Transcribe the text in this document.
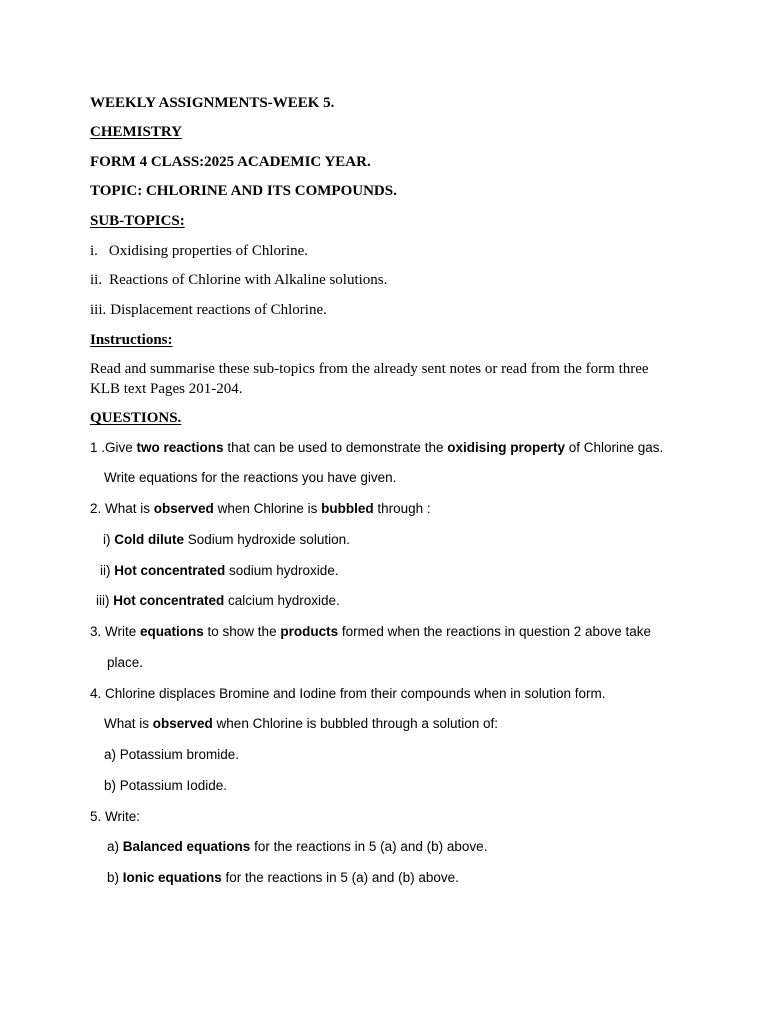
WEEKLY ASSIGNMENTS-WEEK 5.
CHEMISTRY
FORM 4 CLASS:2025 ACADEMIC YEAR.
TOPIC: CHLORINE AND ITS COMPOUNDS.
SUB-TOPICS:
i. Oxidising properties of Chlorine.
ii. Reactions of Chlorine with Alkaline solutions.
iii. Displacement reactions of Chlorine.
Instructions:
Read and summarise these sub-topics from the already sent notes or read from the form three KLB text Pages 201-204.
QUESTIONS.
1 .Give two reactions that can be used to demonstrate the oxidising property of Chlorine gas.
Write equations for the reactions you have given.
2. What is observed when Chlorine is bubbled through :
i) Cold dilute Sodium hydroxide solution.
ii) Hot concentrated sodium hydroxide.
iii) Hot concentrated calcium hydroxide.
3. Write equations to show the products formed when the reactions in question 2 above take
place.
4. Chlorine displaces Bromine and Iodine from their compounds when in solution form.
What is observed when Chlorine is bubbled through a solution of:
a) Potassium bromide.
b) Potassium Iodide.
5. Write:
a) Balanced equations for the reactions in 5 (a) and (b) above.
b) Ionic equations for the reactions in 5 (a) and (b) above.
